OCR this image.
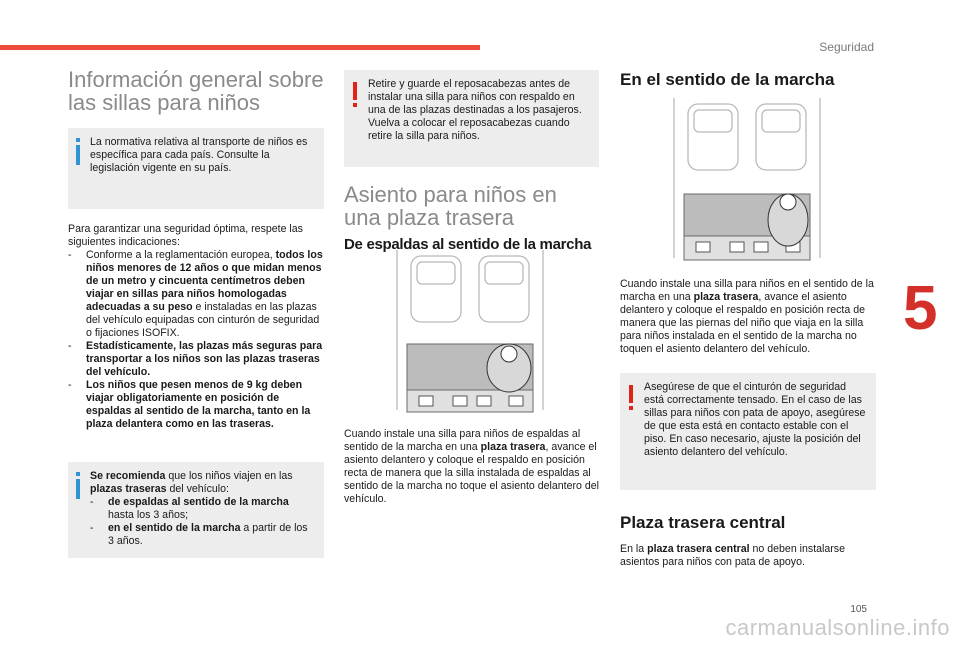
Seguridad
5
105
carmanualsonline.info
Información general sobre las sillas para niños

La normativa relativa al transporte de niños es específica para cada país. Consulte la legislación vigente en su país.

Para garantizar una seguridad óptima, respete las siguientes indicaciones:

-	Conforme a la reglamentación europea, todos los niños menores de 12 años o que midan menos de un metro y cincuenta centímetros deben viajar en sillas para niños homologadas adecuadas a su peso e instaladas en las plazas del vehículo equipadas con cinturón de seguridad o fijaciones ISOFIX.
-	Estadísticamente, las plazas más seguras para transportar a los niños son las plazas traseras del vehículo.
-	Los niños que pesen menos de 9 kg deben viajar obligatoriamente en posición de espaldas al sentido de la marcha, tanto en la plaza delantera como en las traseras.

Se recomienda que los niños viajen en las plazas traseras del vehículo:

-	de espaldas al sentido de la marcha hasta los 3 años;
-	en el sentido de la marcha a partir de los 3 años.

Retire y guarde el reposacabezas antes de instalar una silla para niños con respaldo en una de las plazas destinadas a los pasajeros. Vuelva a colocar el reposacabezas cuando retire la silla para niños.

Asiento para niños en una plaza trasera
De espaldas al sentido de la marcha

Cuando instale una silla para niños de espaldas al sentido de la marcha en una plaza trasera, avance el asiento delantero y coloque el respaldo en posición recta de manera que la silla instalada de espaldas al sentido de la marcha no toque el asiento delantero del vehículo.

En el sentido de la marcha

Cuando instale una silla para niños en el sentido de la marcha en una plaza trasera, avance el asiento delantero y coloque el respaldo en posición recta de manera que las piernas del niño que viaja en la silla para niños instalada en el sentido de la marcha no toquen el asiento delantero del vehículo.

Asegúrese de que el cinturón de seguridad está correctamente tensado. En el caso de las sillas para niños con pata de apoyo, asegúrese de que esta está en contacto estable con el piso. En caso necesario, ajuste la posición del asiento delantero del vehículo.

Plaza trasera central

En la plaza trasera central no deben instalarse asientos para niños con pata de apoyo.
